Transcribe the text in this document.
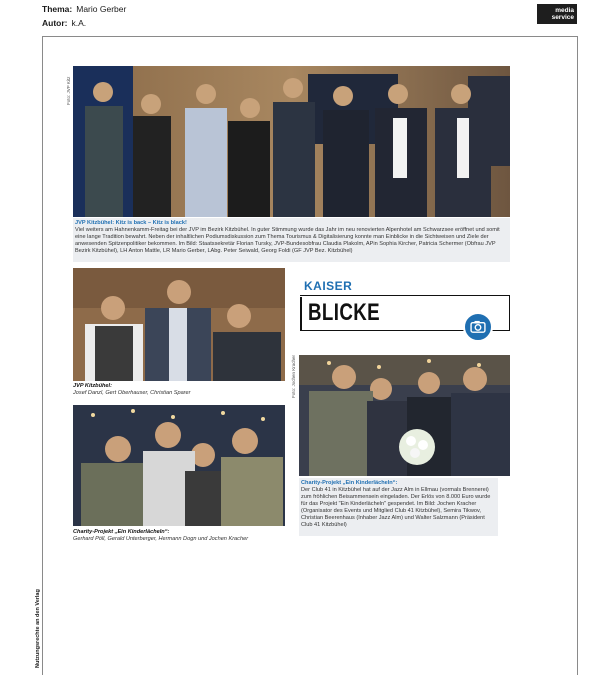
Thema: Mario Gerber
Autor: k.A.
media
service
Nutzungsrechte an den Verlag
Foto: JVP Kitz
JVP Kitzbühel: Kitz is back – Kitz is black!
Viel weiters am Hahnenkamm-Freitag bei der JVP im Bezirk Kitzbühel. In guter Stimmung wurde das Jahr im neu renovierten Alpenhotel am Schwarzsee eröffnet und somit eine lange Tradition bewahrt. Neben der inhaltlichen Podiumsdiskussion zum Thema Tourismus & Digitalisierung konnte man Einblicke in die Sichtweisen und Ziele der anwesenden Spitzenpolitiker bekommen. Im Bild: Staatssekretär Florian Tursky, JVP-Bundesobfrau Claudia Plakolm, APin Sophia Kircher, Patricia Schermer (Obfrau JVP Bezirk Kitzbühel), LH Anton Mattle, LR Mario Gerber, LAbg. Peter Seiwald, Georg Foldi (GF JVP Bez. Kitzbühel)
JVP Kitzbühel:
Josef Danzl, Gert Oberhauser, Christian Sparer
Charity-Projekt „Ein Kinderlächeln“:
Gerhard Pöll, Gerald Unterberger, Hermann Dogn und Jochen Kracher
KAISER
BLICKE
Foto: Jochen Kracher
Charity-Projekt „Ein Kinderlächeln“:
Der Club 41 in Kitzbühel hat auf der Jazz Alm in Ellmau (vormals Brennerei) zum fröhlichen Beisammensein eingeladen. Der Erlös von 8.000 Euro wurde für das Projekt "Ein Kinderlächeln" gespendet. Im Bild: Jochen Kracher (Organisator des Events und Mitglied Club 41 Kitzbühel), Semira Tikwov, Christian Beerenhaus (Inhaber Jazz Alm) und Walter Salzmann (Präsident Club 41 Kitzbühel)
